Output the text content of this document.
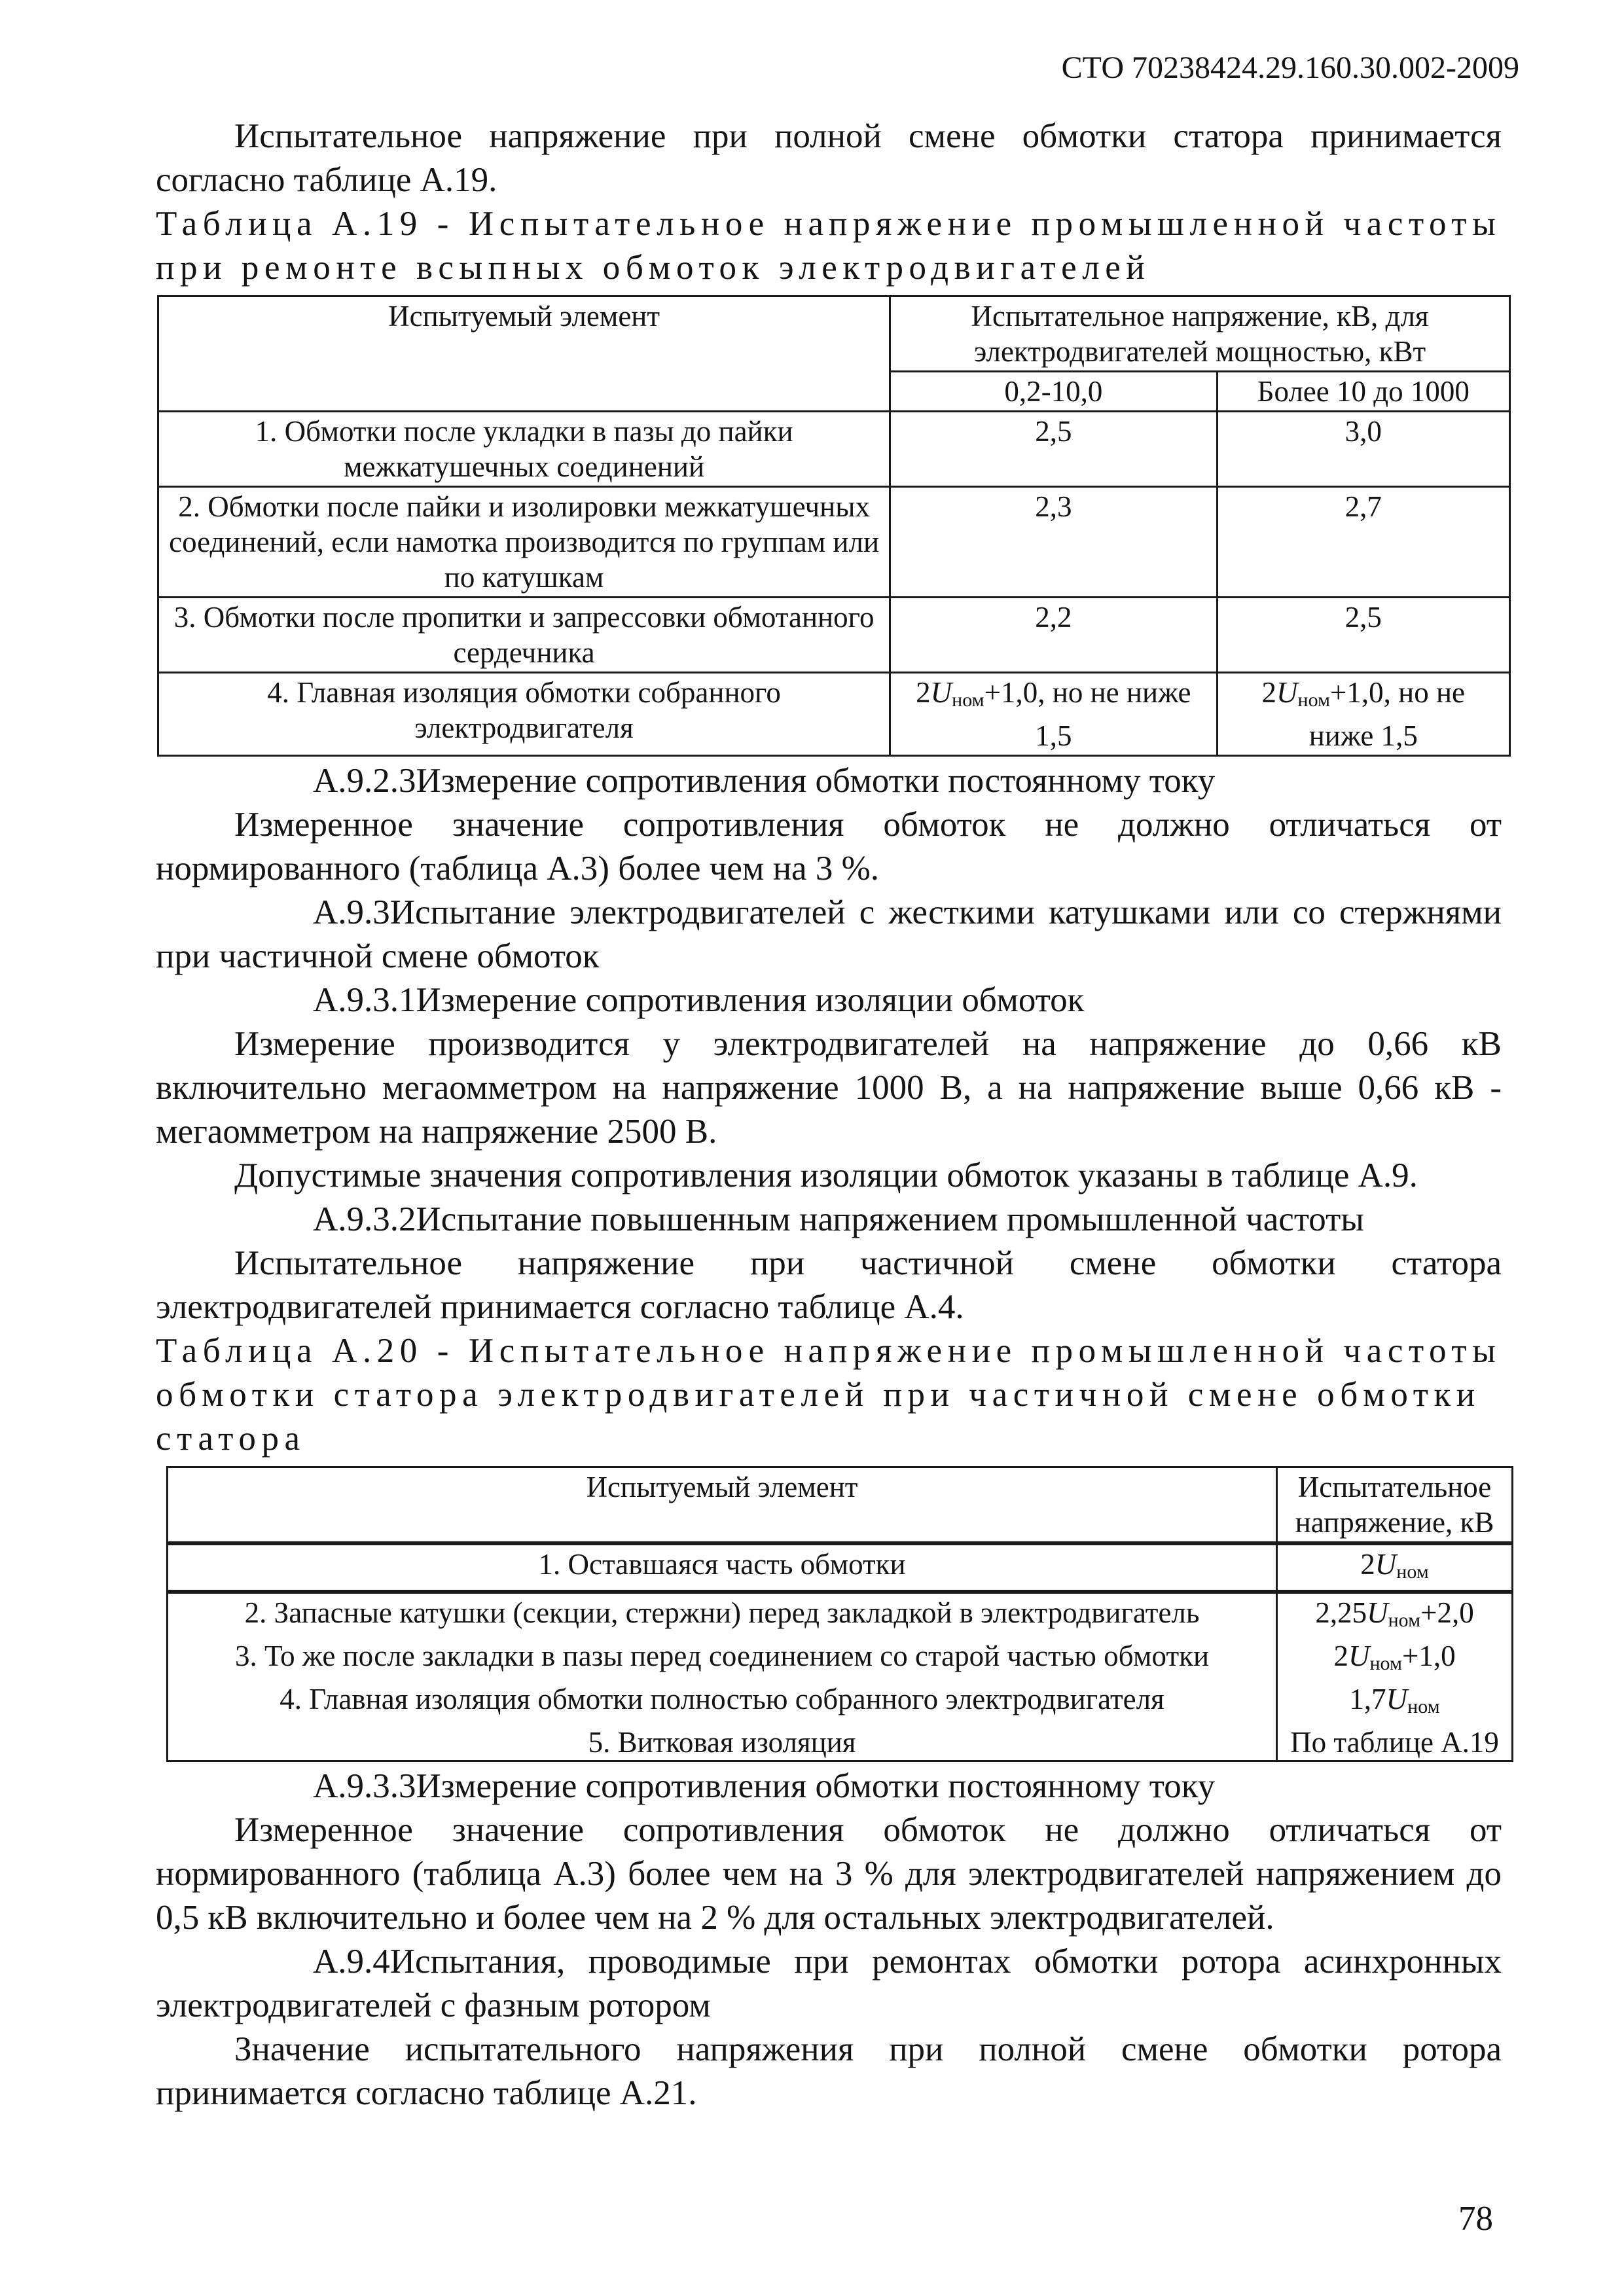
СТО 70238424.29.160.30.002-2009

Испытательное напряжение при полной смене обмотки статора принимается согласно таблице А.19.

Таблица А.19 - Испытательное напряжение промышленной частоты при ремонте всыпных обмоток электродвигателей

Испытуемый элемент	Испытательное напряжение, кВ, для электродвигателей мощностью, кВт	
	0,2-10,0	Более 10 до 1000
1. Обмотки после укладки в пазы до пайки межкатушечных соединений	2,5	3,0
2. Обмотки после пайки и изолировки межкатушечных соединений, если намотка производится по группам или по катушкам	2,3	2,7
3. Обмотки после пропитки и запрессовки обмотанного сердечника	2,2	2,5
4. Главная изоляция обмотки собранного электродвигателя	$2U_{ном}+1,0$, но не ниже 1,5	$2U_{ном}+1,0$, но не ниже 1,5

А.9.2.3Измерение сопротивления обмотки постоянному току

Измеренное значение сопротивления обмоток не должно отличаться от нормированного (таблица А.3) более чем на 3 %.

А.9.3Испытание электродвигателей с жесткими катушками или со стержнями при частичной смене обмоток

А.9.3.1Измерение сопротивления изоляции обмоток

Измерение производится у электродвигателей на напряжение до 0,66 кВ включительно мегаомметром на напряжение 1000 В, а на напряжение выше 0,66 кВ - мегаомметром на напряжение 2500 В.

Допустимые значения сопротивления изоляции обмоток указаны в таблице А.9.

А.9.3.2Испытание повышенным напряжением промышленной частоты

Испытательное напряжение при частичной смене обмотки статора электродвигателей принимается согласно таблице А.4.

Таблица А.20 - Испытательное напряжение промышленной частоты обмотки статора электродвигателей при частичной смене обмотки статора

Испытуемый элемент	Испытательное напряжение, кВ
1. Оставшаяся часть обмотки	$2U_{ном}$
2. Запасные катушки (секции, стержни) перед закладкой в электродвигатель	$2,25U_{ном}+2,0$
3. То же после закладки в пазы перед соединением со старой частью обмотки	$2U_{ном}+1,0$
4. Главная изоляция обмотки полностью собранного электродвигателя	$1,7U_{ном}$
5. Витковая изоляция	По таблице А.19

А.9.3.3Измерение сопротивления обмотки постоянному току

Измеренное значение сопротивления обмоток не должно отличаться от нормированного (таблица А.3) более чем на 3 % для электродвигателей напряжением до 0,5 кВ включительно и более чем на 2 % для остальных электродвигателей.

А.9.4Испытания, проводимые при ремонтах обмотки ротора асинхронных электродвигателей с фазным ротором

Значение испытательного напряжения при полной смене обмотки ротора принимается согласно таблице А.21.

78
